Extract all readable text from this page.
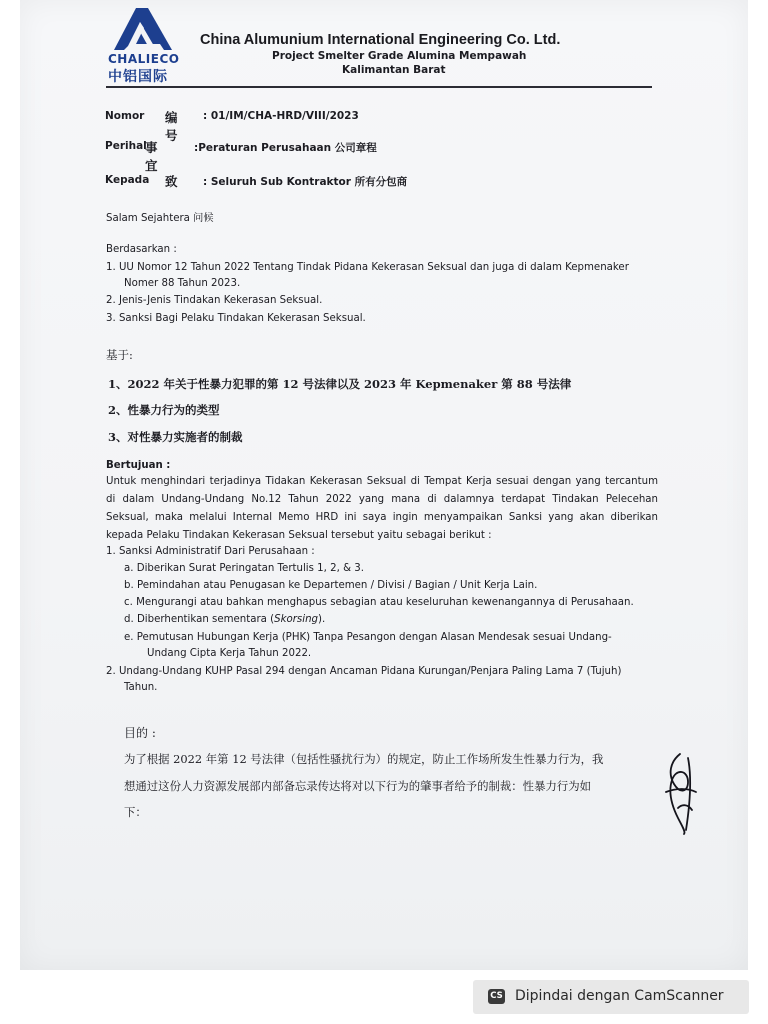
CHALIECO
中铝国际
China Alumunium International Engineering Co. Ltd.
Project Smelter Grade Alumina Mempawah
Kalimantan Barat
Nomor 编号
: 01/IM/CHA-HRD/VIII/2023
Perihal
事宜
:Peraturan Perusahaan 公司章程
Kepada 致 : Seluruh Sub Kontraktor 所有分包商
Salam Sejahtera 问候
Berdasarkan :
1. UU Nomor 12 Tahun 2022 Tentang Tindak Pidana Kekerasan Seksual dan juga di dalam Kepmenaker
Nomer 88 Tahun 2023.
2. Jenis-Jenis Tindakan Kekerasan Seksual.
3. Sanksi Bagi Pelaku Tindakan Kekerasan Seksual.
基于:
1、2022 年关于性暴力犯罪的第 12 号法律以及 2023 年 Kepmenaker 第 88 号法律
2、性暴力行为的类型
3、对性暴力实施者的制裁
Bertujuan :
Untuk menghindari terjadinya Tidakan Kekerasan Seksual di Tempat Kerja sesuai dengan yang tercantum
di dalam Undang-Undang No.12 Tahun 2022 yang mana di dalamnya terdapat Tindakan Pelecehan
Seksual, maka melalui Internal Memo HRD ini saya ingin menyampaikan Sanksi yang akan diberikan
kepada Pelaku Tindakan Kekerasan Seksual tersebut yaitu sebagai berikut :
1. Sanksi Administratif Dari Perusahaan :
a. Diberikan Surat Peringatan Tertulis 1, 2, & 3.
b. Pemindahan atau Penugasan ke Departemen / Divisi / Bagian / Unit Kerja Lain.
c. Mengurangi atau bahkan menghapus sebagian atau keseluruhan kewenangannya di Perusahaan.
d. Diberhentikan sementara (Skorsing).
e. Pemutusan Hubungan Kerja (PHK) Tanpa Pesangon dengan Alasan Mendesak sesuai Undang-
Undang Cipta Kerja Tahun 2022.
2. Undang-Undang KUHP Pasal 294 dengan Ancaman Pidana Kurungan/Penjara Paling Lama 7 (Tujuh)
Tahun.
目的 :
为了根据 2022 年第 12 号法律（包括性骚扰行为）的规定，防止工作场所发生性暴力行为，我
想通过这份人力资源发展部内部备忘录传达将对以下行为的肇事者给予的制裁：性暴力行为如
下：
CS Dipindai dengan CamScanner
